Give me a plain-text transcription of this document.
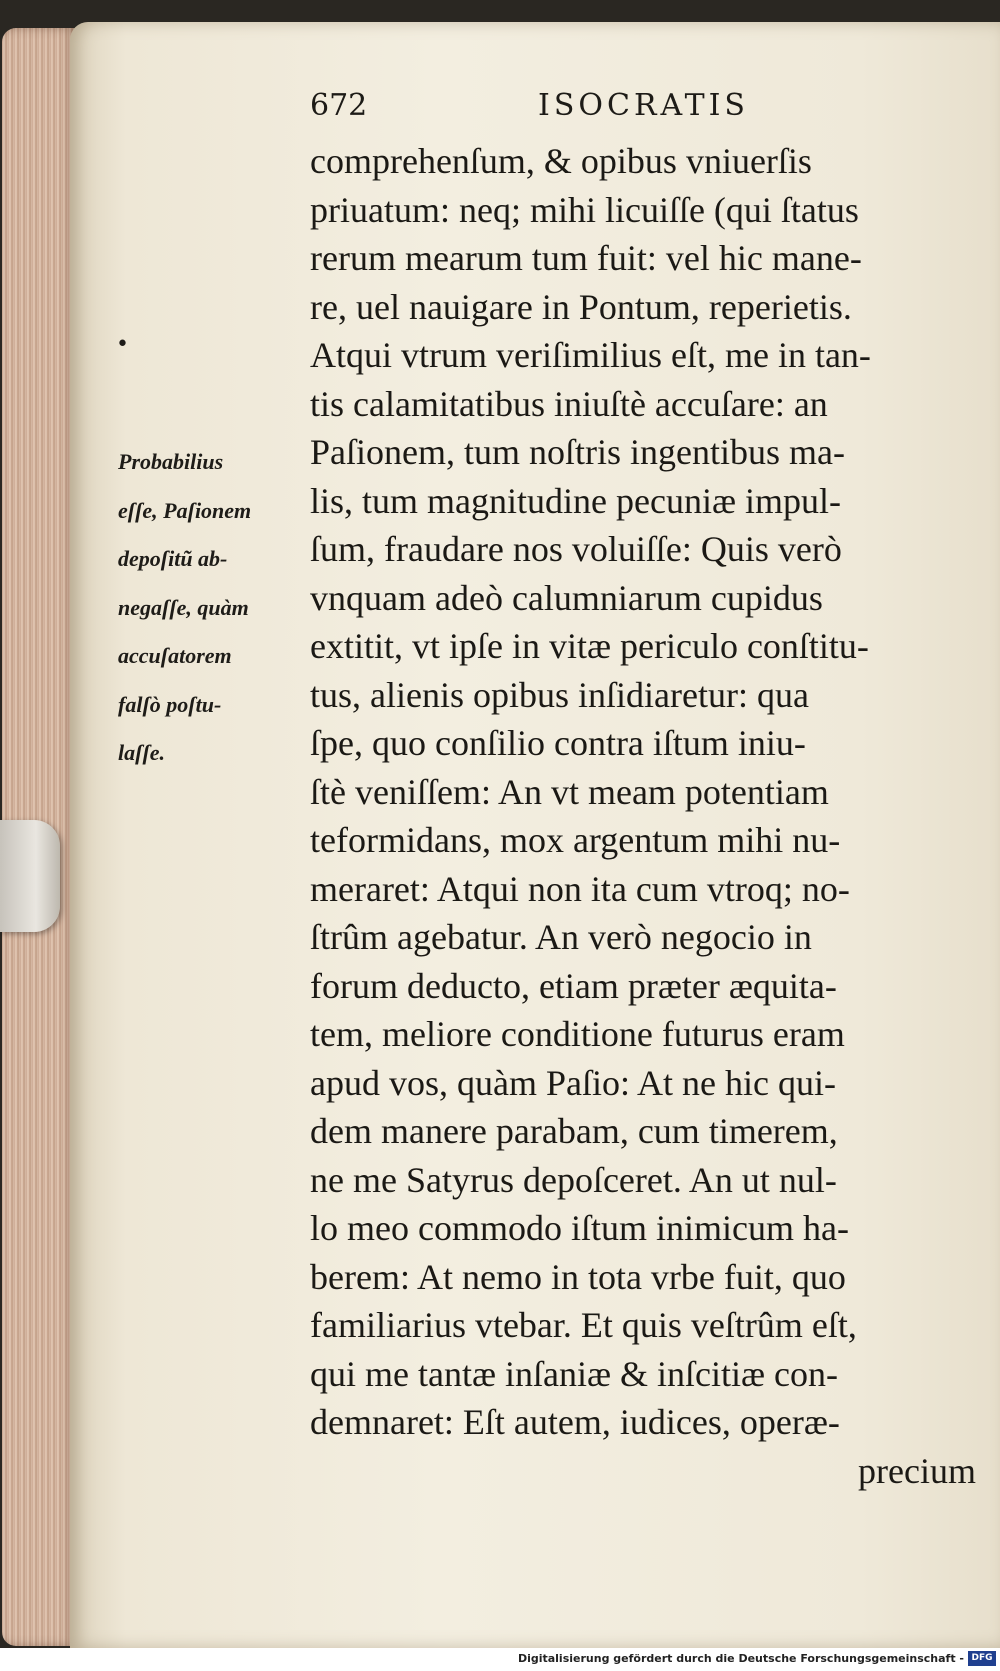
672	ISOCRATIS
•
Probabilius
eſſe, Paſionem
depoſitũ ab-
negaſſe, quàm
accuſatorem
falſò poſtu-
laſſe.
comprehenſum, & opibus vniuerſis
priuatum: neq; mihi licuiſſe (qui ſtatus
rerum mearum tum fuit: vel hic mane-
re, uel nauigare in Pontum, reperietis.
Atqui vtrum veriſimilius eſt, me in tan-
tis calamitatibus iniuſtè accuſare: an
Paſionem, tum noſtris ingentibus ma-
lis, tum magnitudine pecuniæ impul-
ſum, fraudare nos voluiſſe: Quis verò
vnquam adeò calumniarum cupidus
extitit, vt ipſe in vitæ periculo conſtitu-
tus, alienis opibus inſidiaretur: qua
ſpe, quo conſilio contra iſtum iniu-
ſtè veniſſem: An vt meam potentiam
teformidans, mox argentum mihi nu-
meraret: Atqui non ita cum vtroq; no-
ſtrûm agebatur. An verò negocio in
forum deducto, etiam præter æquita-
tem, meliore conditione futurus eram
apud vos, quàm Paſio: At ne hic qui-
dem manere parabam, cum timerem,
ne me Satyrus depoſceret. An ut nul-
lo meo commodo iſtum inimicum ha-
berem: At nemo in tota vrbe fuit, quo
familiarius vtebar. Et quis veſtrûm eſt,
qui me tantæ inſaniæ & inſcitiæ con-
demnaret: Eſt autem, iudices, operæ-
precium
Digitalisierung gefördert durch die Deutsche Forschungsgemeinschaft - DFG
